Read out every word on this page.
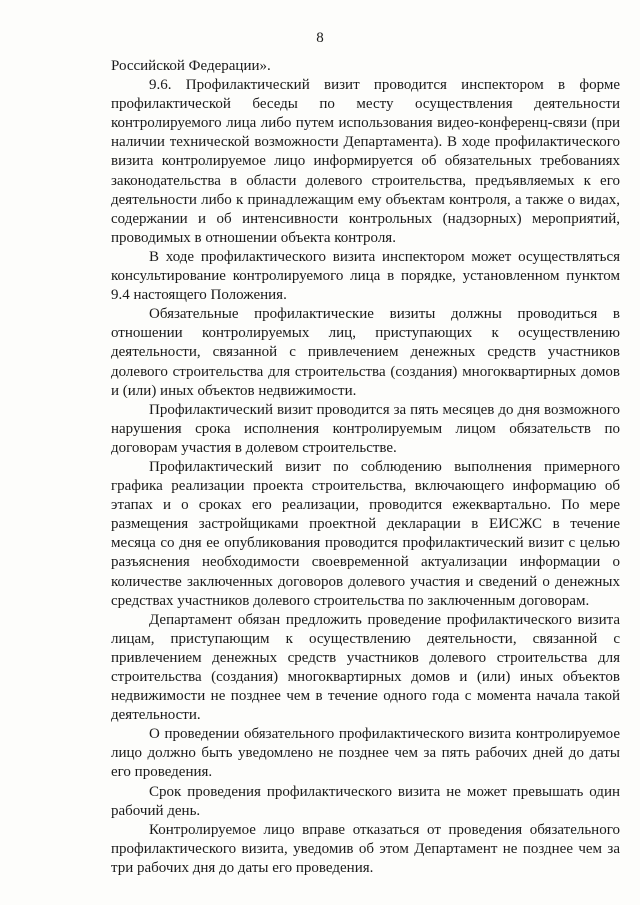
8

Российской Федерации».

9.6. Профилактический визит проводится инспектором в форме профилактической беседы по месту осуществления деятельности контролируемого лица либо путем использования видео-конференц-связи (при наличии технической возможности Департамента). В ходе профилактического визита контролируемое лицо информируется об обязательных требованиях законодательства в области долевого строительства, предъявляемых к его деятельности либо к принадлежащим ему объектам контроля, а также о видах, содержании и об интенсивности контрольных (надзорных) мероприятий, проводимых в отношении объекта контроля.

В ходе профилактического визита инспектором может осуществляться консультирование контролируемого лица в порядке, установленном пунктом 9.4 настоящего Положения.

Обязательные профилактические визиты должны проводиться в отношении контролируемых лиц, приступающих к осуществлению деятельности, связанной с привлечением денежных средств участников долевого строительства для строительства (создания) многоквартирных домов и (или) иных объектов недвижимости.

Профилактический визит проводится за пять месяцев до дня возможного нарушения срока исполнения контролируемым лицом обязательств по договорам участия в долевом строительстве.

Профилактический визит по соблюдению выполнения примерного графика реализации проекта строительства, включающего информацию об этапах и о сроках его реализации, проводится ежеквартально. По мере размещения застройщиками проектной декларации в ЕИСЖС в течение месяца со дня ее опубликования проводится профилактический визит с целью разъяснения необходимости своевременной актуализации информации о количестве заключенных договоров долевого участия и сведений о денежных средствах участников долевого строительства по заключенным договорам.

Департамент обязан предложить проведение профилактического визита лицам, приступающим к осуществлению деятельности, связанной с привлечением денежных средств участников долевого строительства для строительства (создания) многоквартирных домов и (или) иных объектов недвижимости не позднее чем в течение одного года с момента начала такой деятельности.

О проведении обязательного профилактического визита контролируемое лицо должно быть уведомлено не позднее чем за пять рабочих дней до даты его проведения.

Срок проведения профилактического визита не может превышать один рабочий день.

Контролируемое лицо вправе отказаться от проведения обязательного профилактического визита, уведомив об этом Департамент не позднее чем за три рабочих дня до даты его проведения.
